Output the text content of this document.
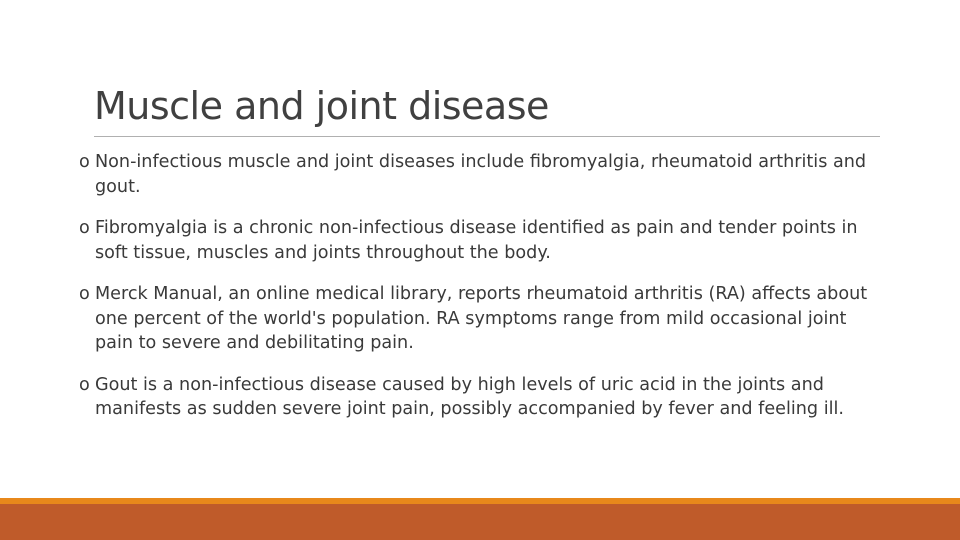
Muscle and joint disease
o Non-infectious muscle and joint diseases include fibromyalgia, rheumatoid arthritis and gout.
o Fibromyalgia is a chronic non-infectious disease identified as pain and tender points in soft tissue, muscles and joints throughout the body.
o Merck Manual, an online medical library, reports rheumatoid arthritis (RA) affects about one percent of the world's population. RA symptoms range from mild occasional joint pain to severe and debilitating pain.
o Gout is a non-infectious disease caused by high levels of uric acid in the joints and manifests as sudden severe joint pain, possibly accompanied by fever and feeling ill.
